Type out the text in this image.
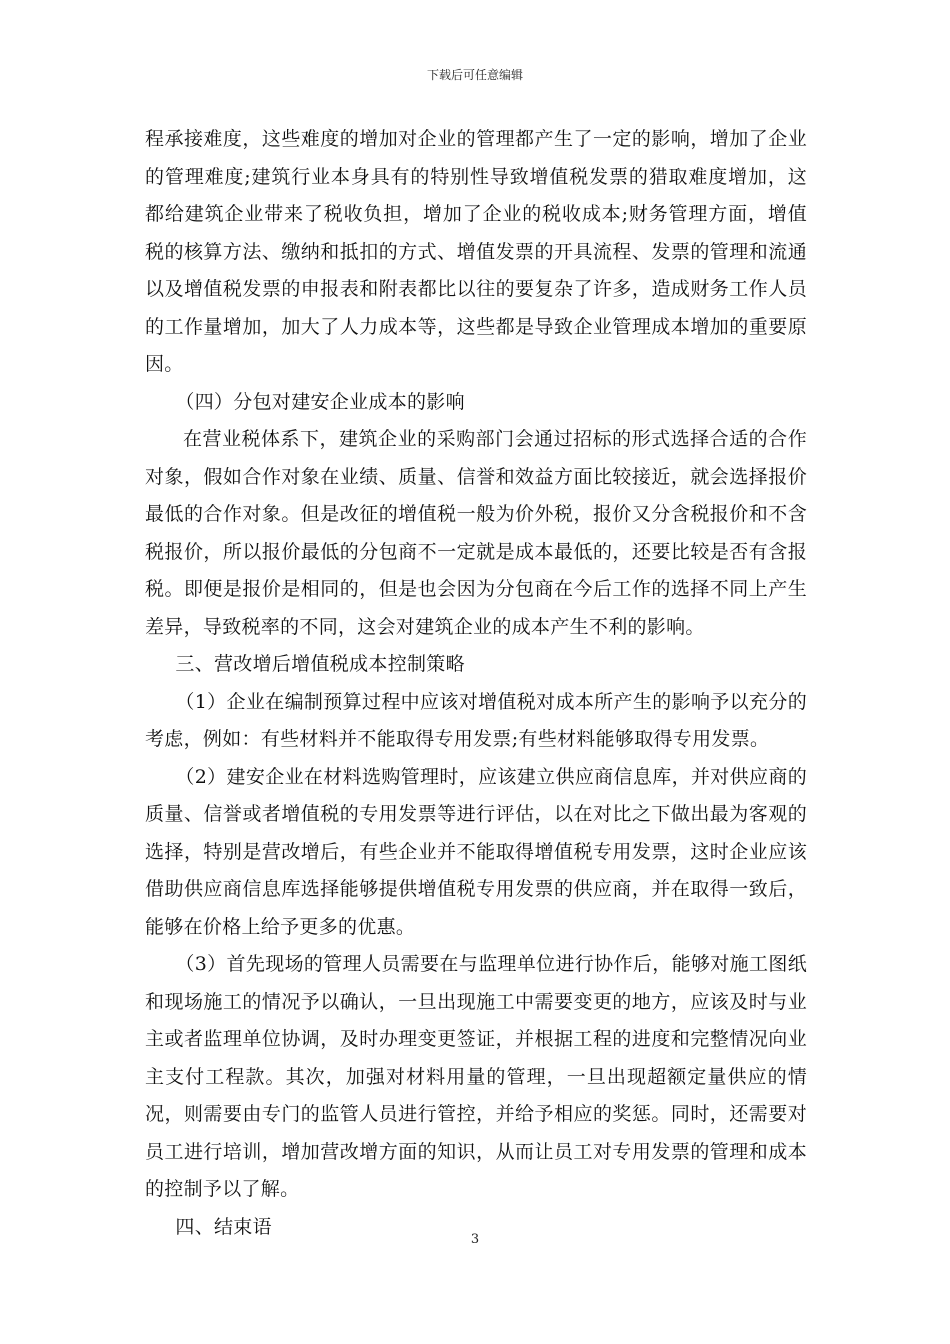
下载后可任意编辑

程承接难度，这些难度的增加对企业的管理都产生了一定的影响，增加了企业的管理难度;建筑行业本身具有的特别性导致增值税发票的猎取难度增加，这都给建筑企业带来了税收负担，增加了企业的税收成本;财务管理方面，增值税的核算方法、缴纳和抵扣的方式、增值发票的开具流程、发票的管理和流通以及增值税发票的申报表和附表都比以往的要复杂了许多，造成财务工作人员的工作量增加，加大了人力成本等，这些都是导致企业管理成本增加的重要原因。

（四）分包对建安企业成本的影响

在营业税体系下，建筑企业的采购部门会通过招标的形式选择合适的合作对象，假如合作对象在业绩、质量、信誉和效益方面比较接近，就会选择报价最低的合作对象。但是改征的增值税一般为价外税，报价又分含税报价和不含税报价，所以报价最低的分包商不一定就是成本最低的，还要比较是否有含报税。即便是报价是相同的，但是也会因为分包商在今后工作的选择不同上产生差异，导致税率的不同，这会对建筑企业的成本产生不利的影响。

三、营改增后增值税成本控制策略

（1）企业在编制预算过程中应该对增值税对成本所产生的影响予以充分的考虑，例如：有些材料并不能取得专用发票;有些材料能够取得专用发票。

（2）建安企业在材料选购管理时，应该建立供应商信息库，并对供应商的质量、信誉或者增值税的专用发票等进行评估，以在对比之下做出最为客观的选择，特别是营改增后，有些企业并不能取得增值税专用发票，这时企业应该借助供应商信息库选择能够提供增值税专用发票的供应商，并在取得一致后，能够在价格上给予更多的优惠。

（3）首先现场的管理人员需要在与监理单位进行协作后，能够对施工图纸和现场施工的情况予以确认，一旦出现施工中需要变更的地方，应该及时与业主或者监理单位协调，及时办理变更签证，并根据工程的进度和完整情况向业主支付工程款。其次，加强对材料用量的管理，一旦出现超额定量供应的情况，则需要由专门的监管人员进行管控，并给予相应的奖惩。同时，还需要对员工进行培训，增加营改增方面的知识，从而让员工对专用发票的管理和成本的控制予以了解。

四、结束语

3
